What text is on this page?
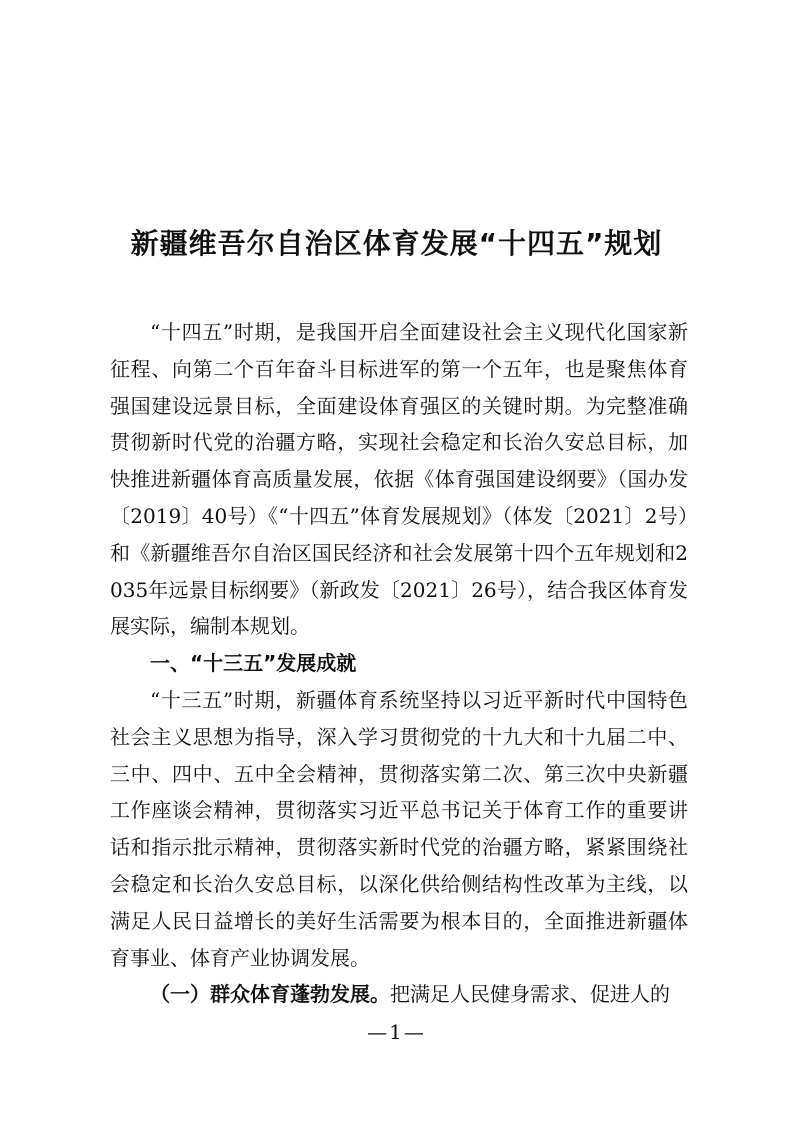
新疆维吾尔自治区体育发展“十四五”规划

“十四五”时期，是我国开启全面建设社会主义现代化国家新征程、向第二个百年奋斗目标进军的第一个五年，也是聚焦体育强国建设远景目标，全面建设体育强区的关键时期。为完整准确贯彻新时代党的治疆方略，实现社会稳定和长治久安总目标，加快推进新疆体育高质量发展，依据《体育强国建设纲要》（国办发〔2019〕40号）《“十四五”体育发展规划》（体发〔2021〕2号）和《新疆维吾尔自治区国民经济和社会发展第十四个五年规划和2035年远景目标纲要》（新政发〔2021〕26号），结合我区体育发展实际，编制本规划。

一、“十三五”发展成就

“十三五”时期，新疆体育系统坚持以习近平新时代中国特色社会主义思想为指导，深入学习贯彻党的十九大和十九届二中、三中、四中、五中全会精神，贯彻落实第二次、第三次中央新疆工作座谈会精神，贯彻落实习近平总书记关于体育工作的重要讲话和指示批示精神，贯彻落实新时代党的治疆方略，紧紧围绕社会稳定和长治久安总目标，以深化供给侧结构性改革为主线，以满足人民日益增长的美好生活需要为根本目的，全面推进新疆体育事业、体育产业协调发展。

（一）群众体育蓬勃发展。把满足人民健身需求、促进人的

—1—
